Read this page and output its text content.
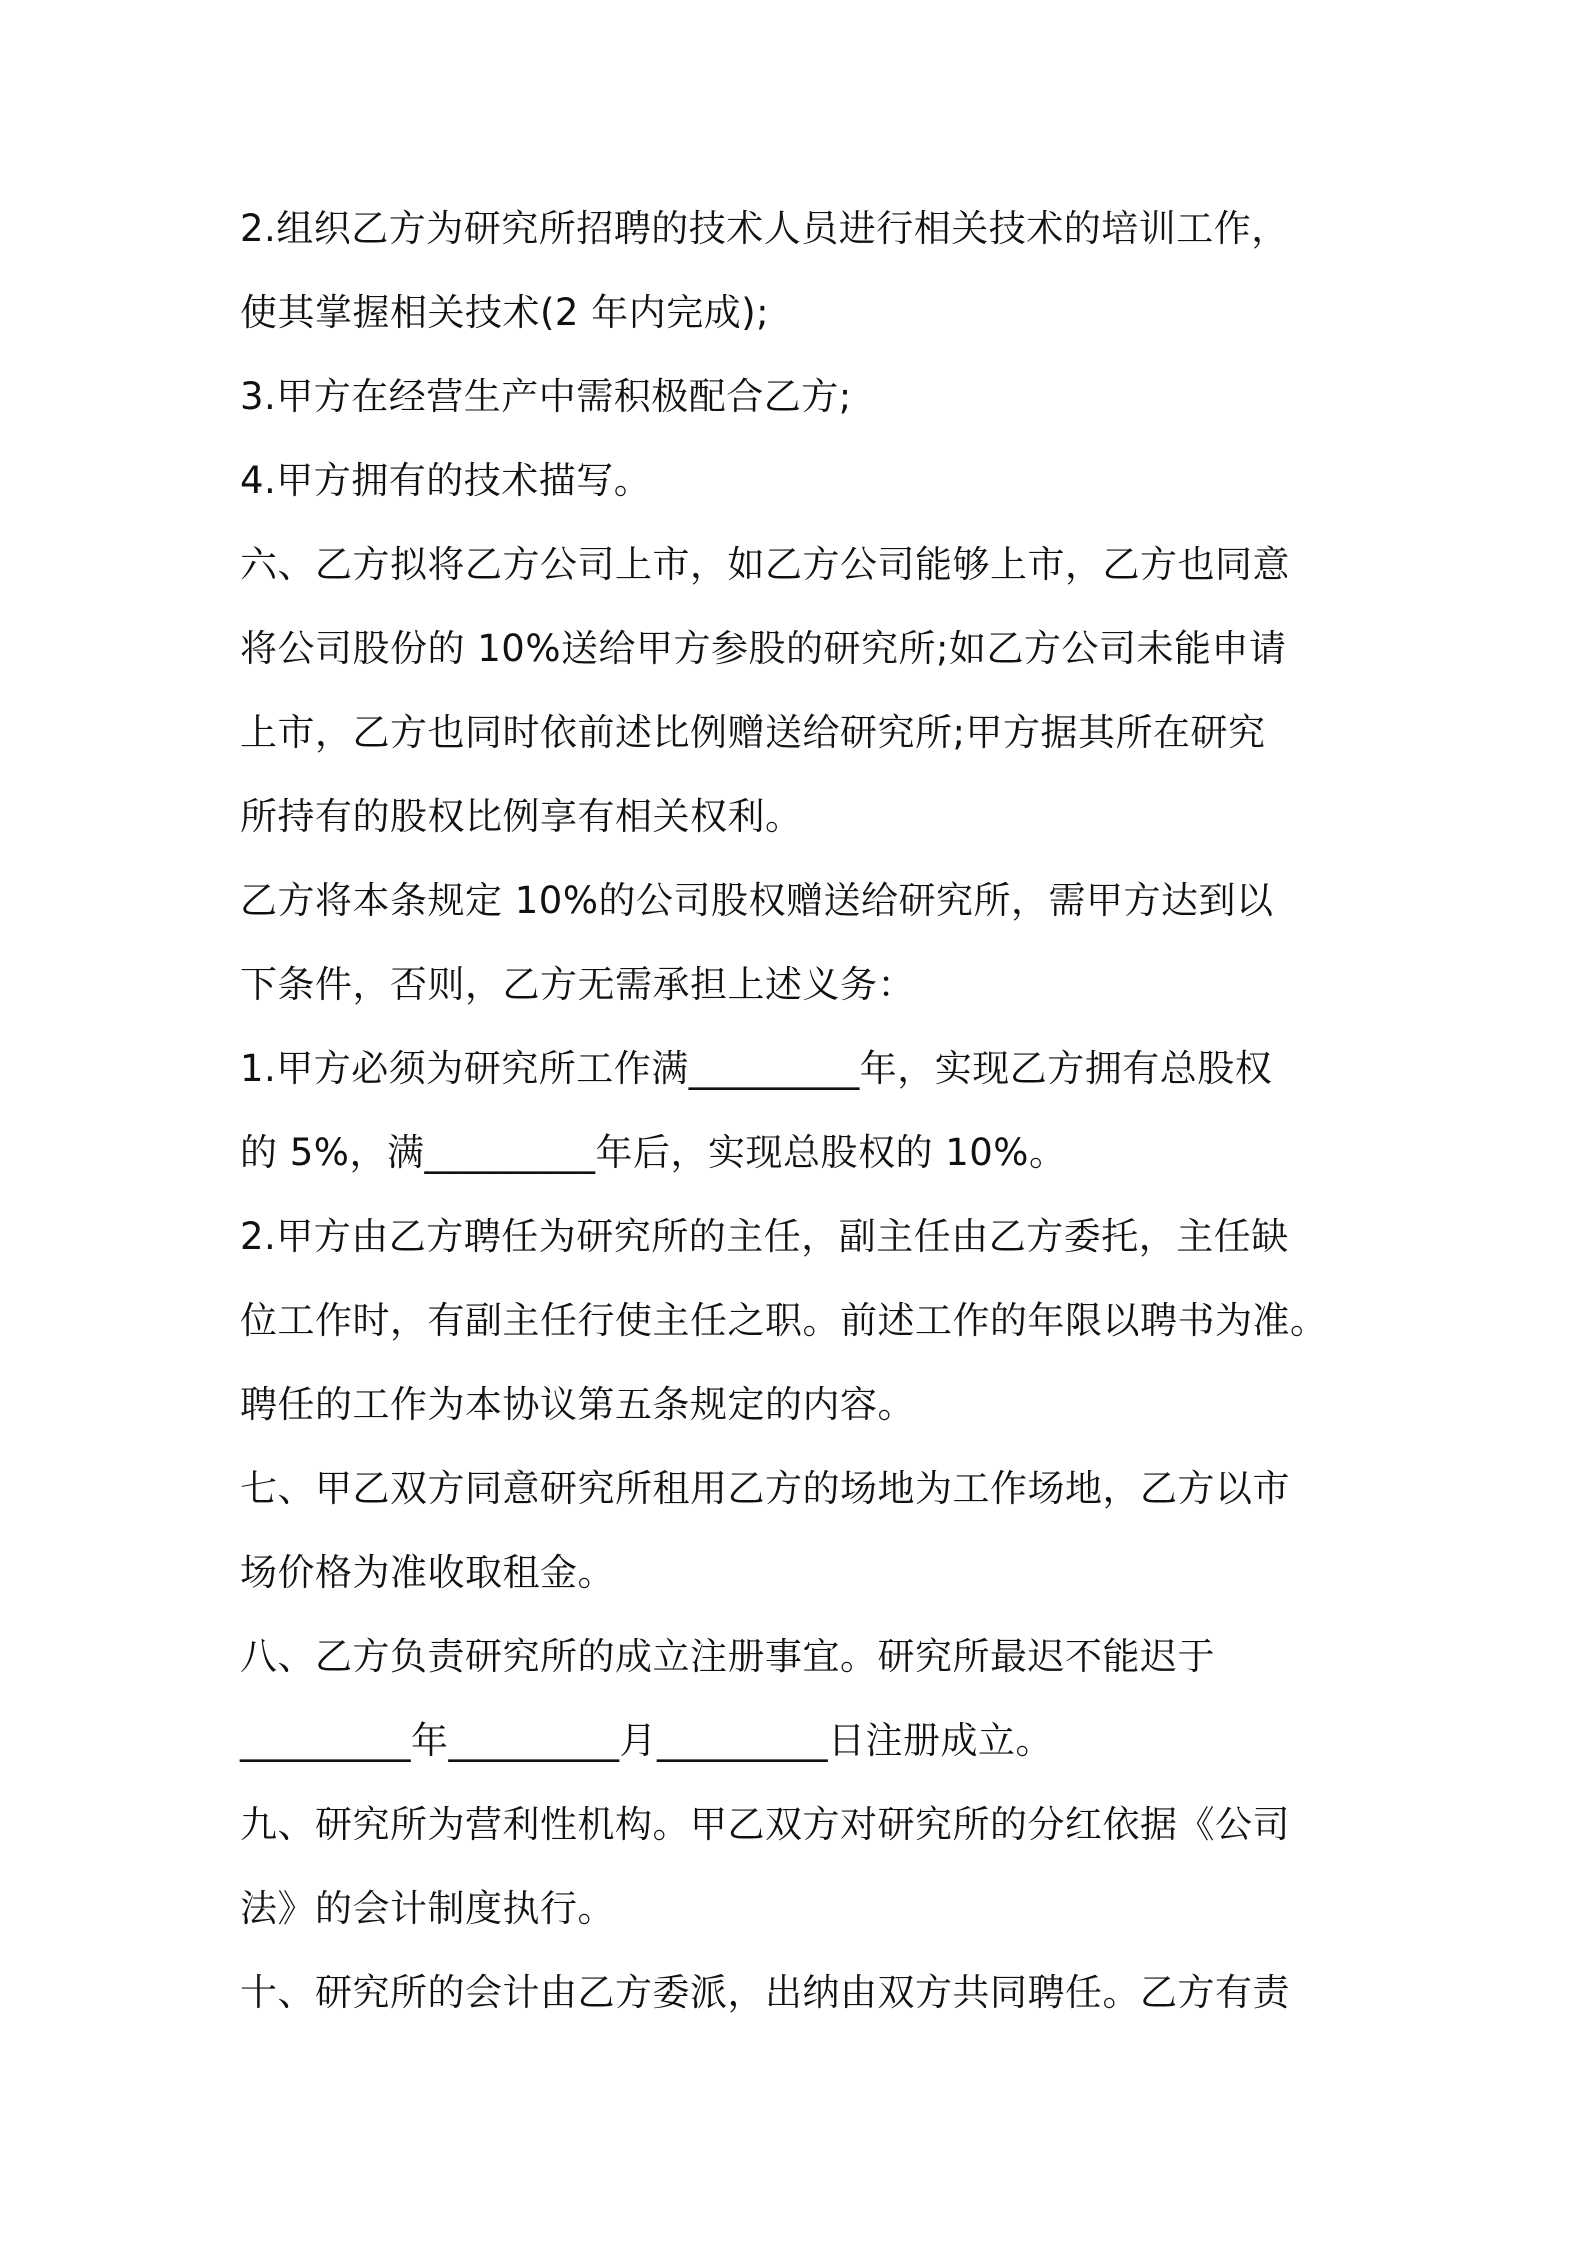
2.组织乙方为研究所招聘的技术人员进行相关技术的培训工作，
使其掌握相关技术(2 年内完成);
3.甲方在经营生产中需积极配合乙方;
4.甲方拥有的技术描写。
六、乙方拟将乙方公司上市，如乙方公司能够上市，乙方也同意
将公司股份的 10%送给甲方参股的研究所;如乙方公司未能申请
上市，乙方也同时依前述比例赠送给研究所;甲方据其所在研究
所持有的股权比例享有相关权利。
乙方将本条规定 10%的公司股权赠送给研究所，需甲方达到以
下条件，否则，乙方无需承担上述义务：
1.甲方必须为研究所工作满_________年，实现乙方拥有总股权
的 5%，满_________年后，实现总股权的 10%。
2.甲方由乙方聘任为研究所的主任，副主任由乙方委托，主任缺
位工作时，有副主任行使主任之职。前述工作的年限以聘书为准。
聘任的工作为本协议第五条规定的内容。
七、甲乙双方同意研究所租用乙方的场地为工作场地，乙方以市
场价格为准收取租金。
八、乙方负责研究所的成立注册事宜。研究所最迟不能迟于
_________年_________月_________日注册成立。
九、研究所为营利性机构。甲乙双方对研究所的分红依据《公司
法》的会计制度执行。
十、研究所的会计由乙方委派，出纳由双方共同聘任。乙方有责
